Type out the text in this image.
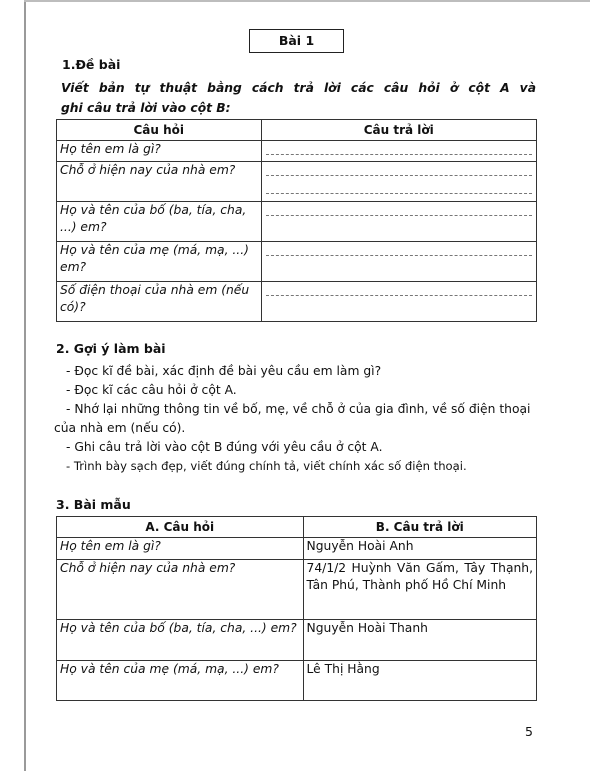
Bài 1
1.Đề bài
Viết bản tự thuật bằng cách trả lời các câu hỏi ở cột A và
ghi câu trả lời vào cột B:
Câu hỏi	Câu trả lời
Họ tên em là gì?	

Chỗ ở hiện nay của nhà em?	

Họ và tên của bố (ba, tía, cha, ...) em?	

Họ và tên của mẹ (má, mạ, ...) em?	

Số điện thoại của nhà em (nếu có)?	
2. Gợi ý làm bài
- Đọc kĩ đề bài, xác định đề bài yêu cầu em làm gì?
- Đọc kĩ các câu hỏi ở cột A.
- Nhớ lại những thông tin về bố, mẹ, về chỗ ở của gia đình, về số điện thoại của nhà em (nếu có).
- Ghi câu trả lời vào cột B đúng với yêu cầu ở cột A.
- Trình bày sạch đẹp, viết đúng chính tả, viết chính xác số điện thoại.
3. Bài mẫu
A. Câu hỏi	B. Câu trả lời
Họ tên em là gì?	Nguyễn Hoài Anh
Chỗ ở hiện nay của nhà em?	74/1/2 Huỳnh Văn Gấm, Tây Thạnh, Tân Phú, Thành phố Hồ Chí Minh
Họ và tên của bố (ba, tía, cha, ...) em?	Nguyễn Hoài Thanh
Họ và tên của mẹ (má, mạ, ...) em?	Lê Thị Hằng
5
